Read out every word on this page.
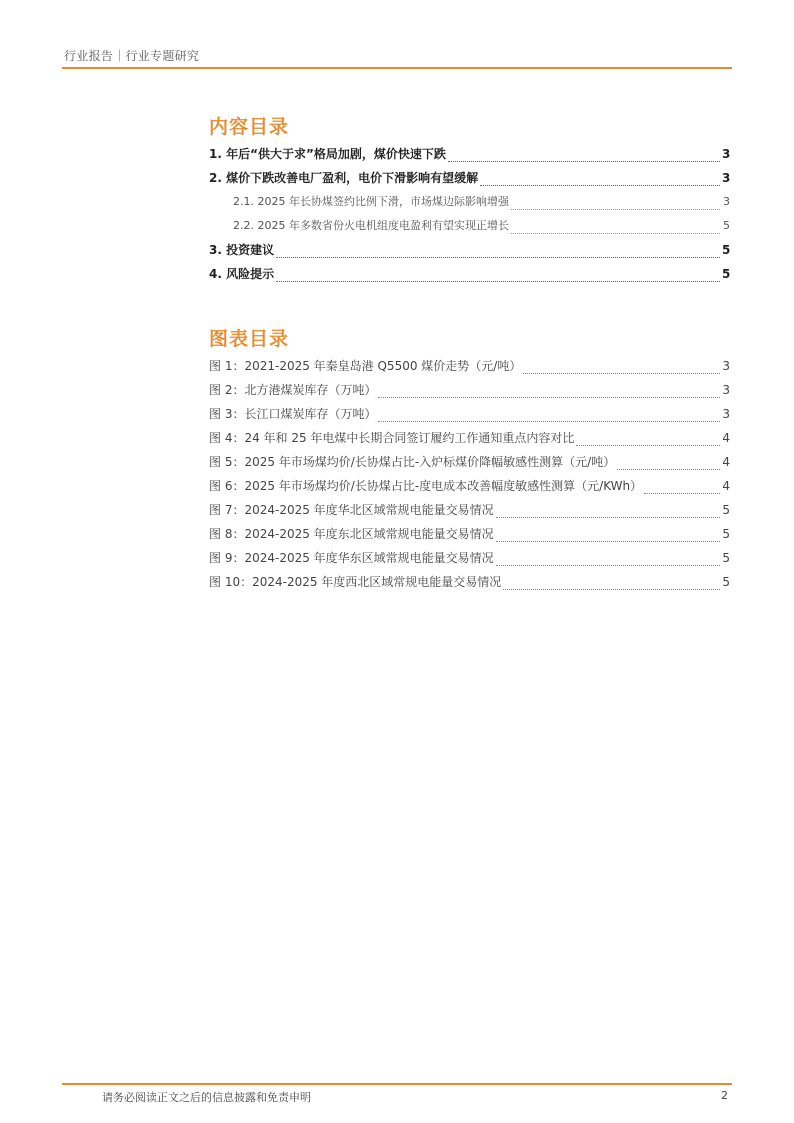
行业报告｜行业专题研究
内容目录
1. 年后“供大于求”格局加剧，煤价快速下跌	3
2. 煤价下跌改善电厂盈利，电价下滑影响有望缓解	3
2.1. 2025 年长协煤签约比例下滑，市场煤边际影响增强	3
2.2. 2025 年多数省份火电机组度电盈利有望实现正增长	5
3. 投资建议	5
4. 风险提示	5
图表目录
图 1：2021-2025 年秦皇岛港 Q5500 煤价走势（元/吨）	3
图 2：北方港煤炭库存（万吨）	3
图 3：长江口煤炭库存（万吨）	3
图 4：24 年和 25 年电煤中长期合同签订履约工作通知重点内容对比	4
图 5：2025 年市场煤均价/长协煤占比-入炉标煤价降幅敏感性测算（元/吨）	4
图 6：2025 年市场煤均价/长协煤占比-度电成本改善幅度敏感性测算（元/KWh）	4
图 7：2024-2025 年度华北区域常规电能量交易情况	5
图 8：2024-2025 年度东北区域常规电能量交易情况	5
图 9：2024-2025 年度华东区域常规电能量交易情况	5
图 10：2024-2025 年度西北区域常规电能量交易情况	5
请务必阅读正文之后的信息披露和免责申明	2
